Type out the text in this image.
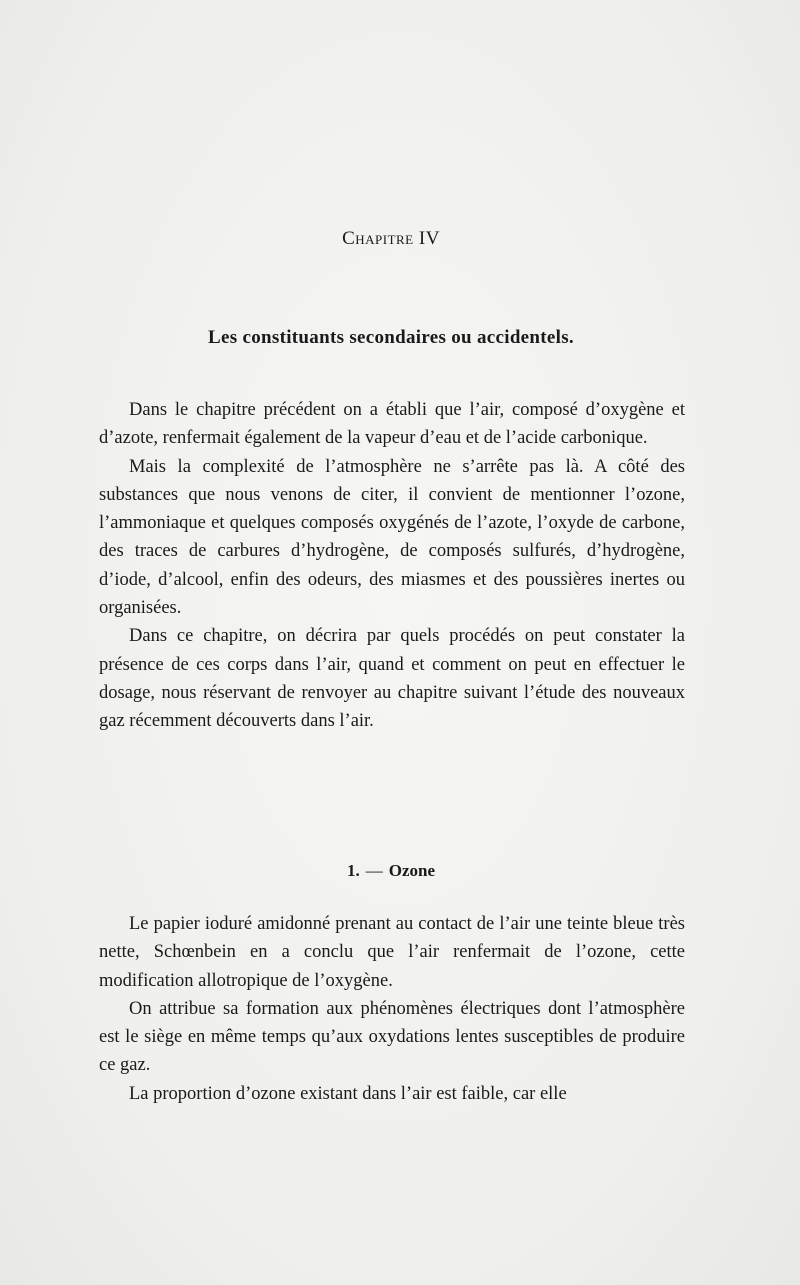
Chapitre IV
Les constituants secondaires ou accidentels.

Dans le chapitre précédent on a établi que l’air, composé d’oxygène et d’azote, renfermait également de la vapeur d’eau et de l’acide carbonique.

Mais la complexité de l’atmosphère ne s’arrête pas là. A côté des substances que nous venons de citer, il convient de mentionner l’ozone, l’ammoniaque et quelques composés oxygénés de l’azote, l’oxyde de carbone, des traces de carbures d’hydrogène, de composés sulfurés, d’hydrogène, d’iode, d’alcool, enfin des odeurs, des miasmes et des poussières inertes ou organisées.

Dans ce chapitre, on décrira par quels procédés on peut constater la présence de ces corps dans l’air, quand et comment on peut en effectuer le dosage, nous réservant de renvoyer au chapitre suivant l’étude des nouveaux gaz récemment découverts dans l’air.

1. — Ozone

Le papier ioduré amidonné prenant au contact de l’air une teinte bleue très nette, Schœnbein en a conclu que l’air renfermait de l’ozone, cette modification allotropique de l’oxygène.

On attribue sa formation aux phénomènes électriques dont l’atmosphère est le siège en même temps qu’aux oxydations lentes susceptibles de produire ce gaz.

La proportion d’ozone existant dans l’air est faible, car elle
